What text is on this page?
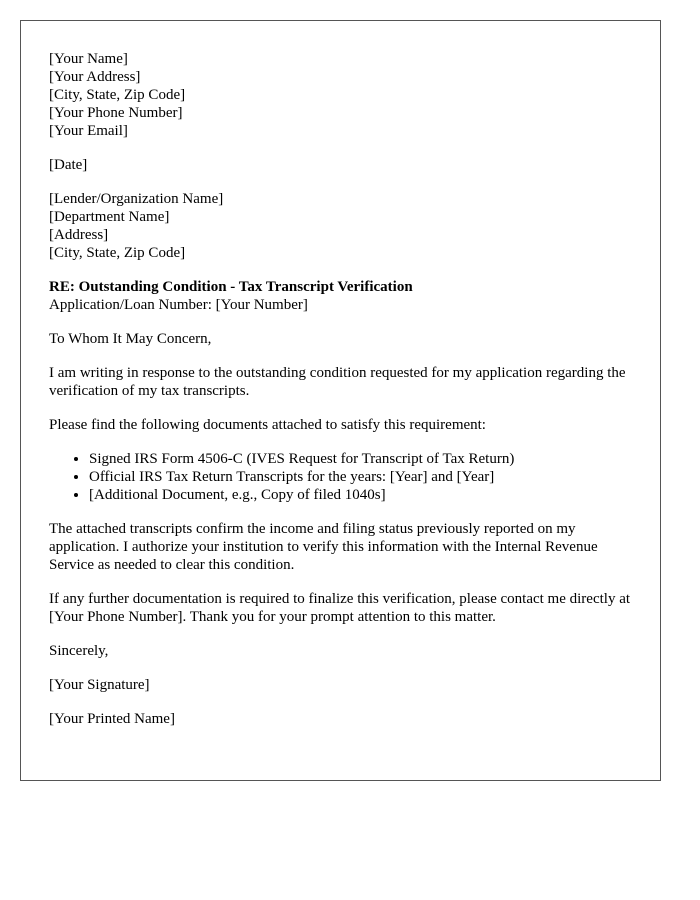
[Your Name]
[Your Address]
[City, State, Zip Code]
[Your Phone Number]
[Your Email]
[Date]
[Lender/Organization Name]
[Department Name]
[Address]
[City, State, Zip Code]
RE: Outstanding Condition - Tax Transcript Verification
Application/Loan Number: [Your Number]

To Whom It May Concern,

I am writing in response to the outstanding condition requested for my application regarding the verification of my tax transcripts.

Please find the following documents attached to satisfy this requirement:

• Signed IRS Form 4506-C (IVES Request for Transcript of Tax Return)
• Official IRS Tax Return Transcripts for the years: [Year] and [Year]
• [Additional Document, e.g., Copy of filed 1040s]

The attached transcripts confirm the income and filing status previously reported on my application. I authorize your institution to verify this information with the Internal Revenue Service as needed to clear this condition.

If any further documentation is required to finalize this verification, please contact me directly at [Your Phone Number]. Thank you for your prompt attention to this matter.

Sincerely,

[Your Signature]

[Your Printed Name]
